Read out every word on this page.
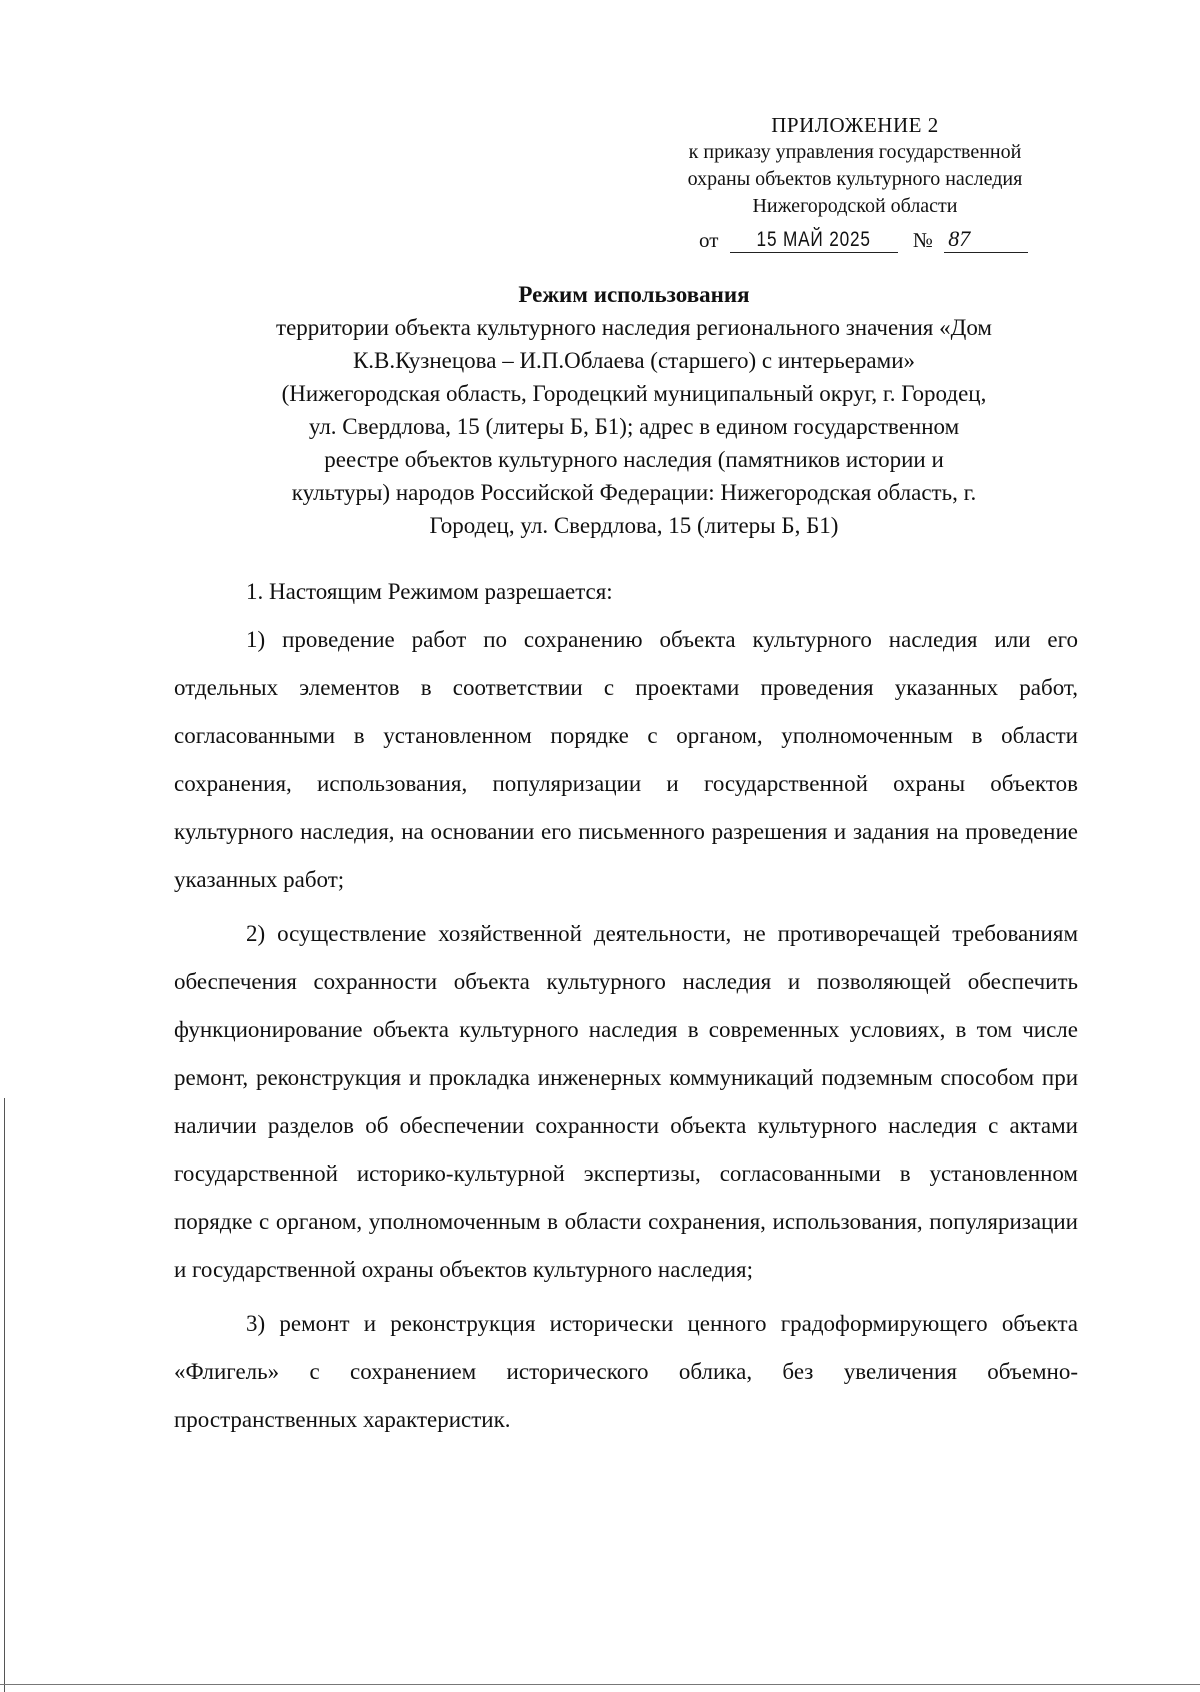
ПРИЛОЖЕНИЕ 2
к приказу управления государственной
охраны объектов культурного наследия
Нижегородской области
от 15 МАЙ 2025 № 87
Режим использования
территории объекта культурного наследия регионального значения «Дом
К.В.Кузнецова – И.П.Облаева (старшего) с интерьерами»
(Нижегородская область, Городецкий муниципальный округ, г. Городец,
ул. Свердлова, 15 (литеры Б, Б1); адрес в едином государственном
реестре объектов культурного наследия (памятников истории и
культуры) народов Российской Федерации: Нижегородская область, г.
Городец, ул. Свердлова, 15 (литеры Б, Б1)

1. Настоящим Режимом разрешается:

1) проведение работ по сохранению объекта культурного наследия или его отдельных элементов в соответствии с проектами проведения указанных работ, согласованными в установленном порядке с органом, уполномоченным в области сохранения, использования, популяризации и государственной охраны объектов культурного наследия, на основании его письменного разрешения и задания на проведение указанных работ;

2) осуществление хозяйственной деятельности, не противоречащей требованиям обеспечения сохранности объекта культурного наследия и позволяющей обеспечить функционирование объекта культурного наследия в современных условиях, в том числе ремонт, реконструкция и прокладка инженерных коммуникаций подземным способом при наличии разделов об обеспечении сохранности объекта культурного наследия с актами государственной историко-культурной экспертизы, согласованными в установленном порядке с органом, уполномоченным в области сохранения, использования, популяризации и государственной охраны объектов культурного наследия;

3) ремонт и реконструкция исторически ценного градоформирующего объекта «Флигель» с сохранением исторического облика, без увеличения объемно-пространственных характеристик.
